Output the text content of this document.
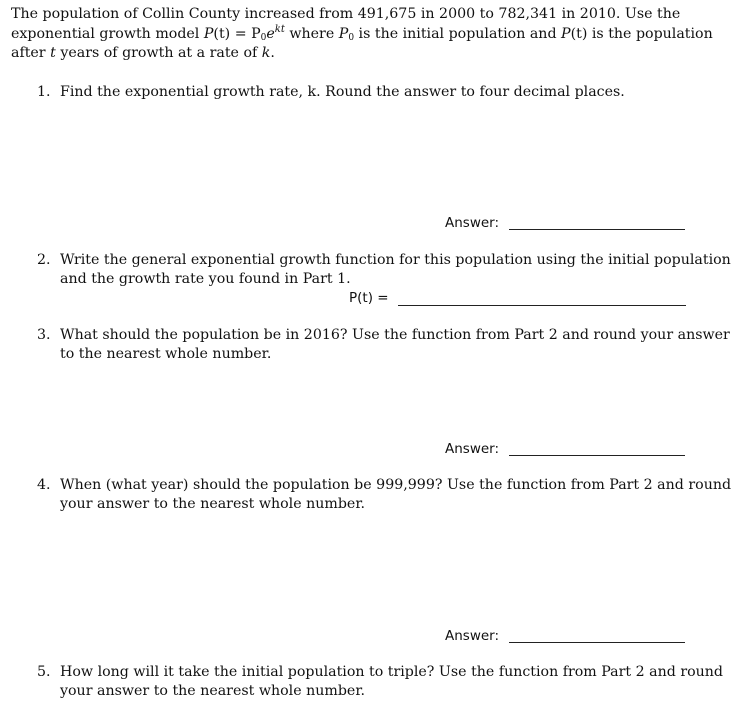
The population of Collin County increased from 491,675 in 2000 to 782,341 in 2010. Use the
exponential growth model $P(t) = P_0e^{kt}$ where $P_0$ is the initial population and P(t) is the population
after t years of growth at a rate of k.
1. Find the exponential growth rate, k. Round the answer to four decimal places.
Answer:
2. Write the general exponential growth function for this population using the initial population
and the growth rate you found in Part 1.
P(t) =
3. What should the population be in 2016? Use the function from Part 2 and round your answer
to the nearest whole number.
Answer:
4. When (what year) should the population be 999,999? Use the function from Part 2 and round
your answer to the nearest whole number.
Answer:
5. How long will it take the initial population to triple? Use the function from Part 2 and round
your answer to the nearest whole number.
